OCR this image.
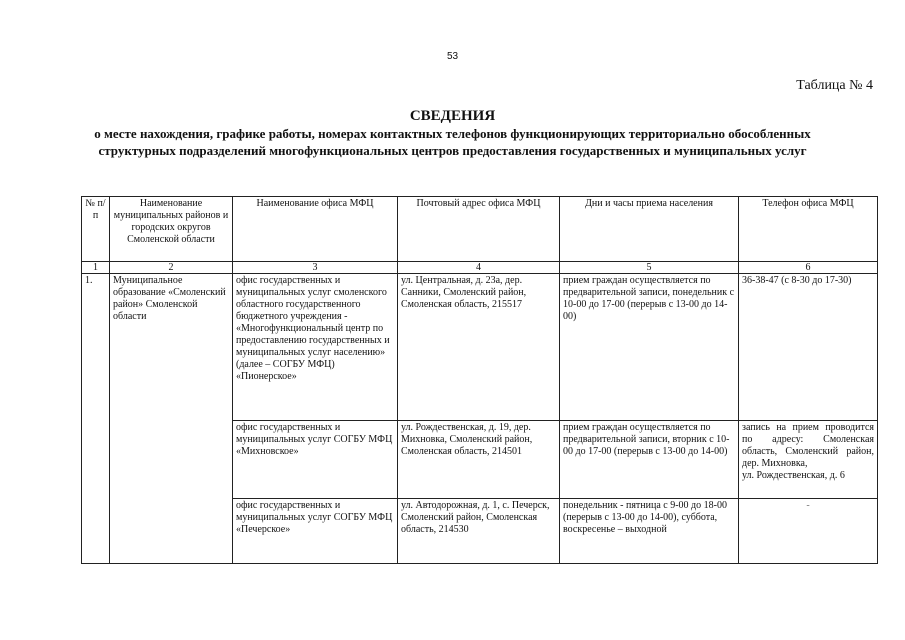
53
Таблица № 4
СВЕДЕНИЯ
о месте нахождения, графике работы, номерах контактных телефонов функционирующих территориально обособленных структурных подразделений многофункциональных центров предоставления государственных и муниципальных услуг
№ п/п	Наименование муниципальных районов и городских округов Смоленской области	Наименование офиса МФЦ	Почтовый адрес офиса МФЦ	Дни и часы приема населения	Телефон офиса МФЦ
1	2	3	4	5	6
1.	Муниципальное образование «Смоленский район» Смоленской области	офис государственных и муниципальных услуг смоленского областного государственного бюджетного учреждения - «Многофункциональный центр по предоставлению государственных и муниципальных услуг населению» (далее – СОГБУ МФЦ) «Пионерское»	ул. Центральная, д. 23а, дер. Санники, Смоленский район, Смоленская область, 215517	прием граждан осуществляется по предварительной записи, понедельник с 10-00 до 17-00 (перерыв с 13-00 до 14-00)	36-38-47 (с 8-30 до 17-30)
		офис государственных и муниципальных услуг СОГБУ МФЦ «Михновское»	ул. Рождественская, д. 19, дер. Михновка, Смоленский район, Смоленская область, 214501	прием граждан осуществляется по предварительной записи, вторник с 10-00 до 17-00 (перерыв с 13-00 до 14-00)	запись на прием проводится по адресу: Смоленская область, Смоленский район, дер. Михновка,
ул. Рождественская, д. 6

		офис государственных и муниципальных услуг СОГБУ МФЦ «Печерское»	ул. Автодорожная, д. 1, с. Печерск, Смоленский район, Смоленская область, 214530	понедельник - пятница с 9-00 до 18-00 (перерыв с 13-00 до 14-00), суббота, воскресенье – выходной	-
